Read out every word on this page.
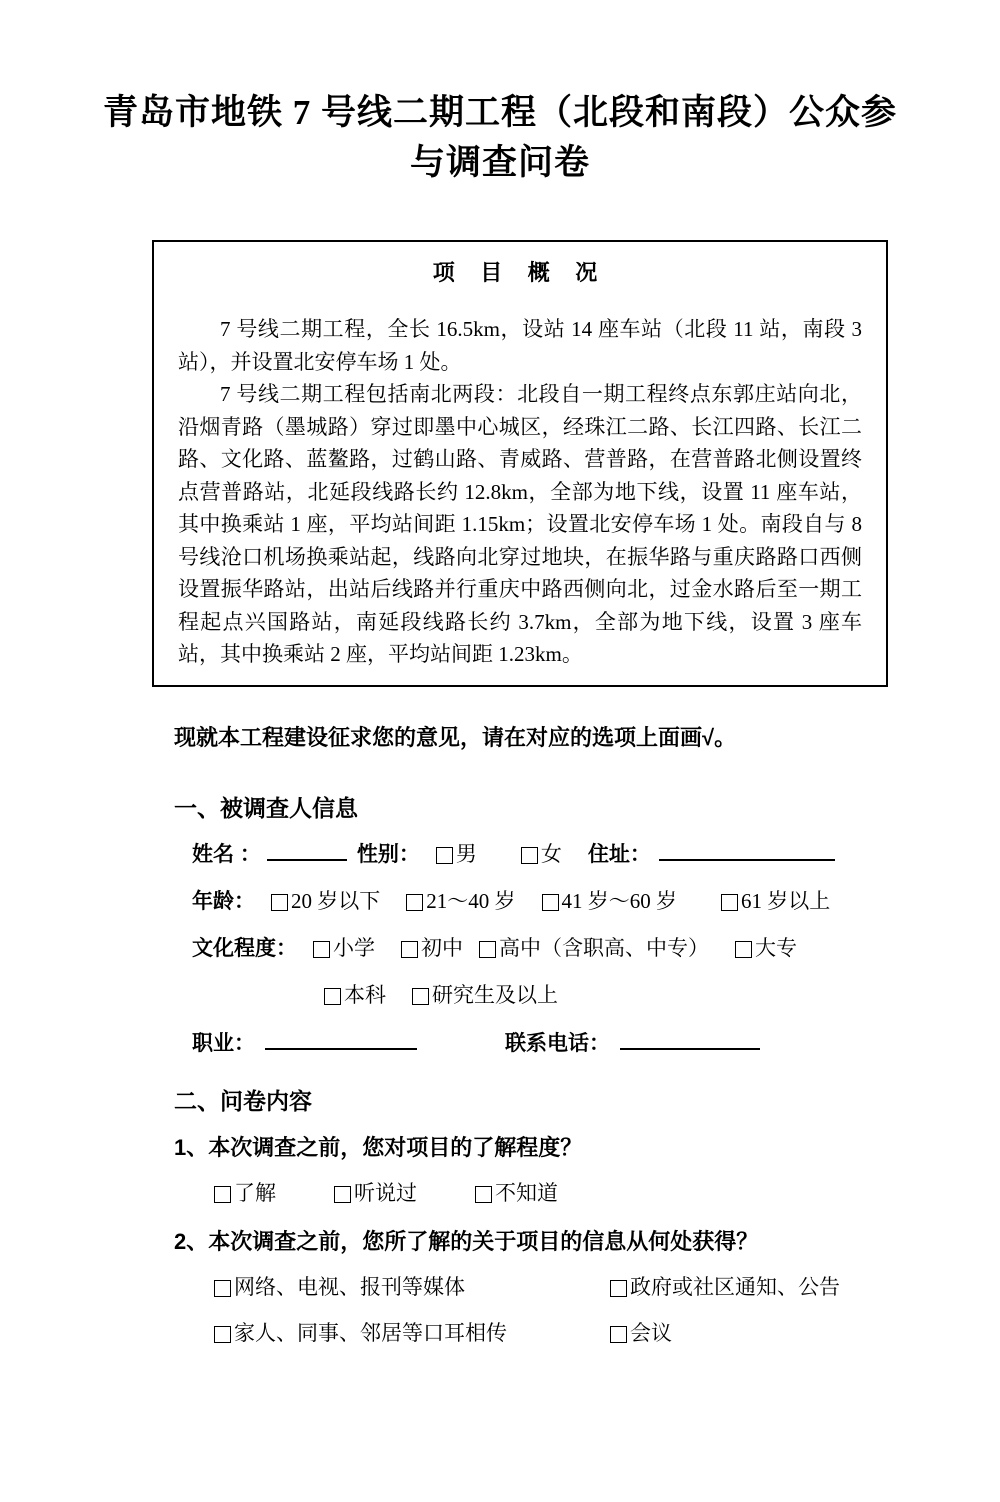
青岛市地铁 7 号线二期工程（北段和南段）公众参
与调查问卷
项 目 概 况

7 号线二期工程，全长 16.5km，设站 14 座车站（北段 11 站，南段 3 站），并设置北安停车场 1 处。

7 号线二期工程包括南北两段：北段自一期工程终点东郭庄站向北，沿烟青路（墨城路）穿过即墨中心城区，经珠江二路、长江四路、长江二路、文化路、蓝鳌路，过鹤山路、青威路、营普路，在营普路北侧设置终点营普路站，北延段线路长约 12.8km，全部为地下线，设置 11 座车站，其中换乘站 1 座，平均站间距 1.15km；设置北安停车场 1 处。南段自与 8 号线沧口机场换乘站起，线路向北穿过地块，在振华路与重庆路路口西侧设置振华路站，出站后线路并行重庆中路西侧向北，过金水路后至一期工程起点兴国路站，南延段线路长约 3.7km，全部为地下线，设置 3 座车站，其中换乘站 2 座，平均站间距 1.23km。

现就本工程建设征求您的意见，请在对应的选项上面画√。

一、被调查人信息
姓名 ：	性别： 男	女 住址：
年龄： 20 岁以下 21～40 岁 41 岁～60 岁	61 岁以上
文化程度： 小学 初中 高中（含职高、中专） 大专
本科 研究生及以上
职业：	联系电话：
二、问卷内容

1、本次调查之前，您对项目的了解程度？

了解	听说过	不知道

2、本次调查之前，您所了解的关于项目的信息从何处获得？

网络、电视、报刊等媒体	政府或社区通知、公告
家人、同事、邻居等口耳相传	会议
